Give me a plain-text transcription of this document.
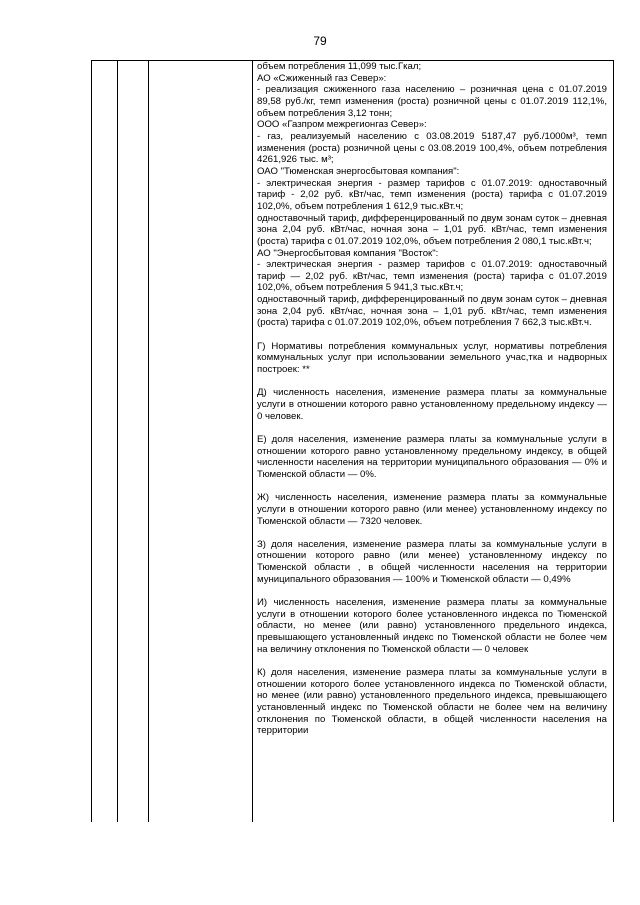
79

объем потребления 11,099 тыс.Гкал;

АО «Сжиженный газ Север»:

- реализация сжиженного газа населению – розничная цена с 01.07.2019 89,58 руб./кг, темп изменения (роста) розничной цены с 01.07.2019 112,1%, объем потребления 3,12 тонн;

ООО «Газпром межрегионгаз Север»:

- газ, реализуемый населению с 03.08.2019 5187,47 руб./1000м³, темп изменения (роста) розничной цены с 03.08.2019 100,4%, объем потребления 4261,926 тыс. м³;

ОАО "Тюменская энергосбытовая компания":

- электрическая энергия - размер тарифов с 01.07.2019: одноставочный тариф - 2,02 руб. кВт/час, темп изменения (роста) тарифа с 01.07.2019 102,0%, объем потребления 1 612,9 тыс.кВт.ч;

одноставочный тариф, дифференцированный по двум зонам суток – дневная зона 2,04 руб. кВт/час, ночная зона – 1,01 руб. кВт/час, темп изменения (роста) тарифа с 01.07.2019 102,0%, объем потребления 2 080,1 тыс.кВт.ч;

АО "Энергосбытовая компания "Восток":

- электрическая энергия - размер тарифов с 01.07.2019: одноставочный тариф — 2,02 руб. кВт/час, темп изменения (роста) тарифа с 01.07.2019 102,0%, объем потребления 5 941,3 тыс.кВт.ч;

одноставочный тариф, дифференцированный по двум зонам суток – дневная зона 2,04 руб. кВт/час, ночная зона – 1,01 руб. кВт/час, темп изменения (роста) тарифа с 01.07.2019 102,0%, объем потребления 7 662,3 тыс.кВт.ч.

Г) Нормативы потребления коммунальных услуг, нормативы потребления коммунальных услуг при использовании земельного учас,тка и надворных построек: **

Д) численность населения, изменение размера платы за коммунальные услуги в отношении которого равно установленному предельному индексу — 0 человек.

Е) доля населения, изменение размера платы за коммунальные услуги в отношении которого равно установленному предельному индексу, в общей численности населения на территории муниципального образования — 0% и Тюменской области — 0%.

Ж) численность населения, изменение размера платы за коммунальные услуги в отношении которого равно (или менее) установленному индексу по Тюменской области — 7320 человек.

З) доля населения, изменение размера платы за коммунальные услуги в отношении которого равно (или менее) установленному индексу по Тюменской области , в общей численности населения на территории муниципального образования — 100% и Тюменской области — 0,49%

И) численность населения, изменение размера платы за коммунальные услуги в отношении которого более установленного индекса по Тюменской области, но менее (или равно) установленного предельного индекса, превышающего установленный индекс по Тюменской области не более чем на величину отклонения по Тюменской области — 0 человек

К) доля населения, изменение размера платы за коммунальные услуги в отношении которого более установленного индекса по Тюменской области, но менее (или равно) установленного предельного индекса, превышающего установленный индекс по Тюменской области не более чем на величину отклонения по Тюменской области, в общей численности населения на территории
